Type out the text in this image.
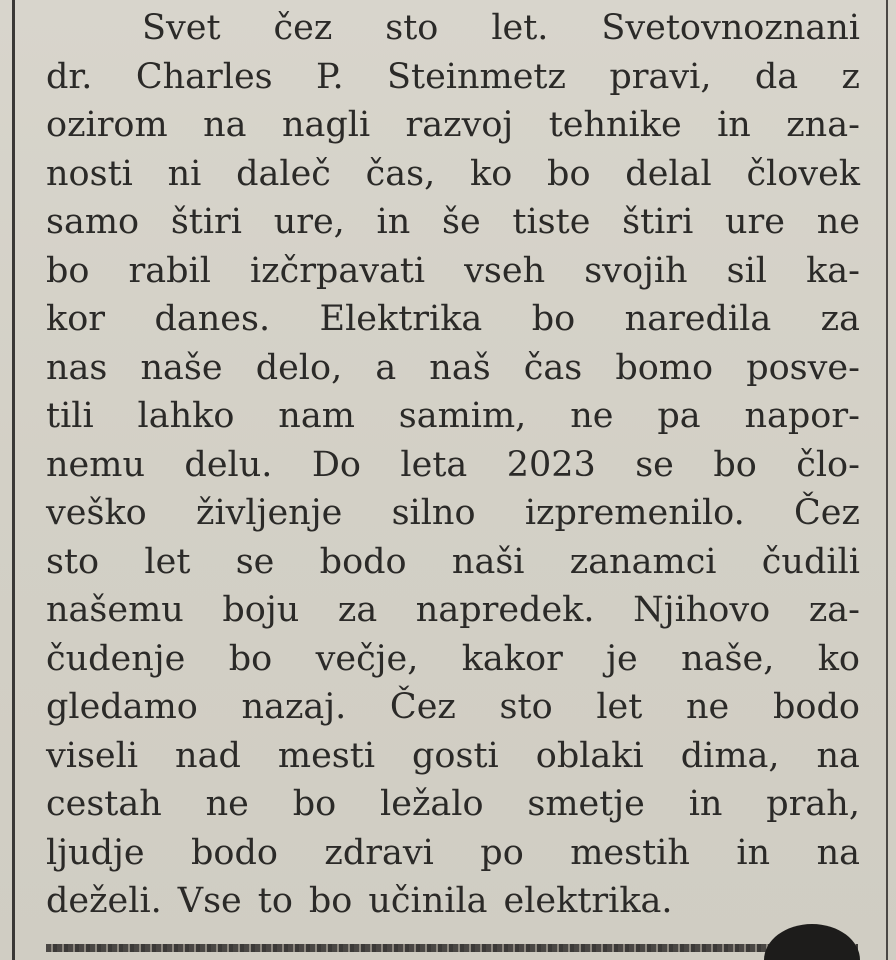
Svet čez sto let. Svetovnoznani
dr. Charles P. Steinmetz pravi, da z
ozirom na nagli razvoj tehnike in zna-
nosti ni daleč čas, ko bo delal človek
samo štiri ure, in še tiste štiri ure ne
bo rabil izčrpavati vseh svojih sil ka-
kor danes. Elektrika bo naredila za
nas naše delo, a naš čas bomo posve-
tili lahko nam samim, ne pa napor-
nemu delu. Do leta 2023 se bo člo-
veško življenje silno izpremenilo. Čez
sto let se bodo naši zanamci čudili
našemu boju za napredek. Njihovo za-
čudenje bo večje, kakor je naše, ko
gledamo nazaj. Čez sto let ne bodo
viseli nad mesti gosti oblaki dima, na
cestah ne bo ležalo smetje in prah,
ljudje bodo zdravi po mestih in na
deželi. Vse to bo učinila elektrika.
